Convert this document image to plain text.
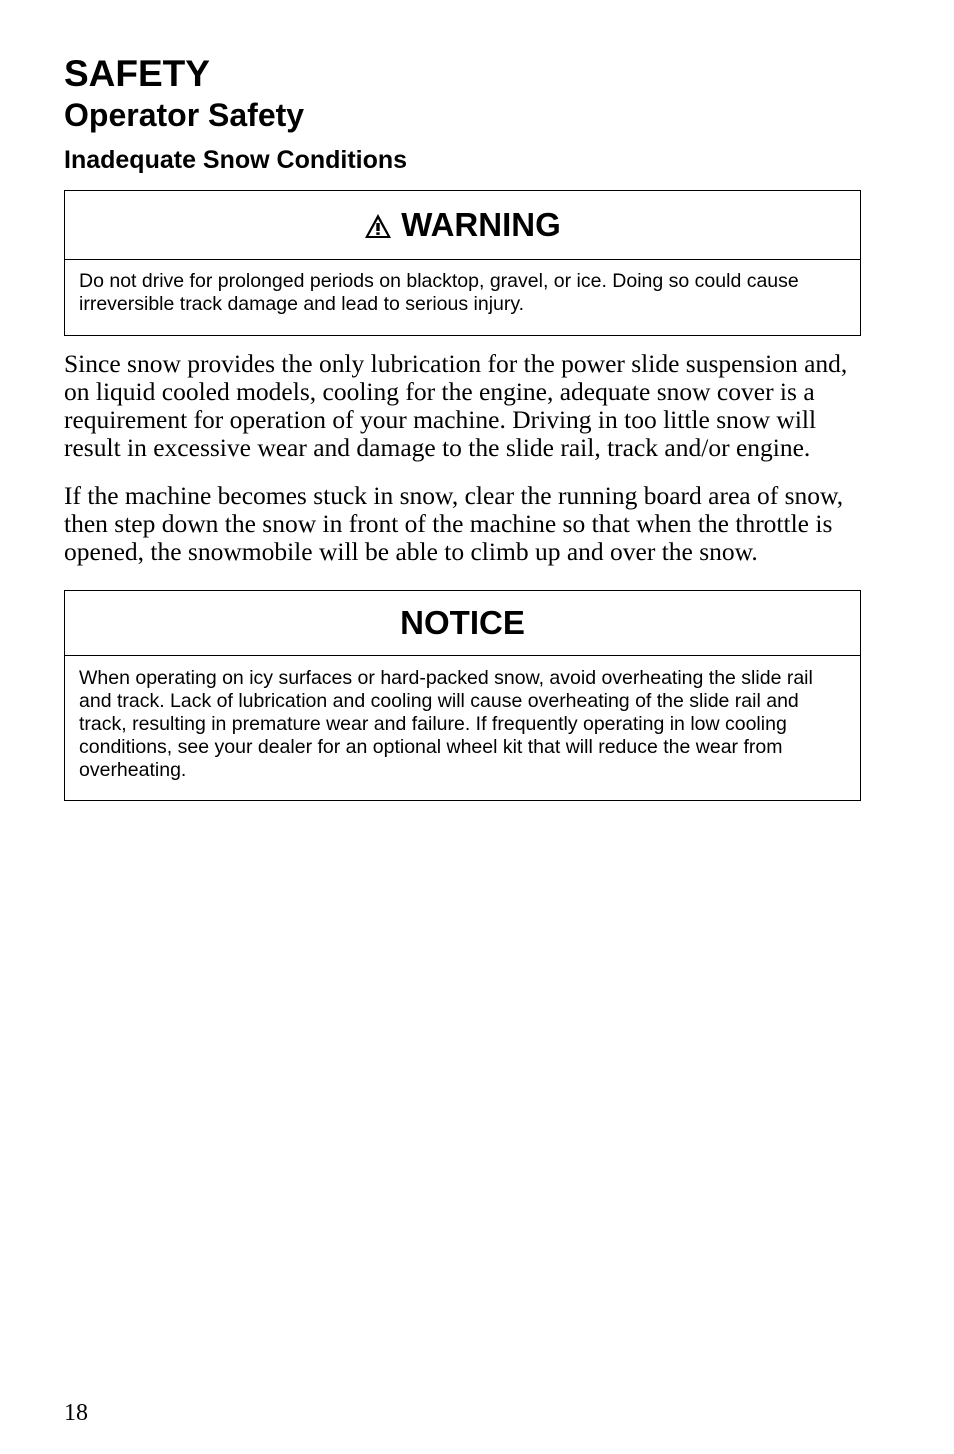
SAFETY
Operator Safety
Inadequate Snow Conditions
WARNING

Do not drive for prolonged periods on blacktop, gravel, or ice. Doing so could cause irreversible track damage and lead to serious injury.

Since snow provides the only lubrication for the power slide suspension and, on liquid cooled models, cooling for the engine, adequate snow cover is a requirement for operation of your machine. Driving in too little snow will result in excessive wear and damage to the slide rail, track and/or engine.

If the machine becomes stuck in snow, clear the running board area of snow, then step down the snow in front of the machine so that when the throttle is opened, the snowmobile will be able to climb up and over the snow.

NOTICE

When operating on icy surfaces or hard-packed snow, avoid overheating the slide rail and track. Lack of lubrication and cooling will cause overheating of the slide rail and track, resulting in premature wear and failure. If frequently operating in low cooling conditions, see your dealer for an optional wheel kit that will reduce the wear from overheating.

18
